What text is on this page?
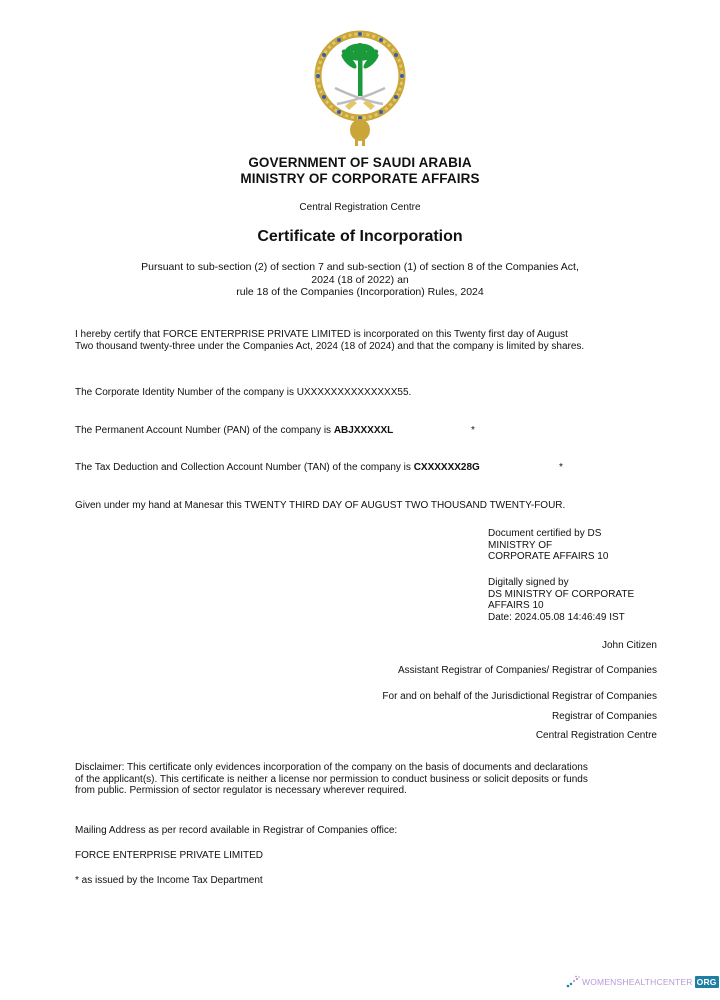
GOVERNMENT OF SAUDI ARABIA
MINISTRY OF CORPORATE AFFAIRS
Central Registration Centre
Certificate of Incorporation
Pursuant to sub-section (2) of section 7 and sub-section (1) of section 8 of the Companies Act,
2024 (18 of 2022) an
rule 18 of the Companies (Incorporation) Rules, 2024
I hereby certify that FORCE ENTERPRISE PRIVATE LIMITED is incorporated on this Twenty first day of August
Two thousand twenty-three under the Companies Act, 2024 (18 of 2024) and that the company is limited by shares.
The Corporate Identity Number of the company is UXXXXXXXXXXXXXX55.
The Permanent Account Number (PAN) of the company is ABJXXXXXL	*
The Tax Deduction and Collection Account Number (TAN) of the company is CXXXXXX28G	*
Given under my hand at Manesar this TWENTY THIRD DAY OF AUGUST TWO THOUSAND TWENTY-FOUR.
Document certified by DS
MINISTRY OF
CORPORATE AFFAIRS 10
Digitally signed by
DS MINISTRY OF CORPORATE
AFFAIRS 10
Date: 2024.05.08 14:46:49 IST
John Citizen
Assistant Registrar of Companies/ Registrar of Companies
For and on behalf of the Jurisdictional Registrar of Companies
Registrar of Companies
Central Registration Centre
Disclaimer: This certificate only evidences incorporation of the company on the basis of documents and declarations
of the applicant(s). This certificate is neither a license nor permission to conduct business or solicit deposits or funds
from public. Permission of sector regulator is necessary wherever required.
Mailing Address as per record available in Registrar of Companies office:
FORCE ENTERPRISE PRIVATE LIMITED
* as issued by the Income Tax Department
WOMENSHEALTHCENTER ORG
